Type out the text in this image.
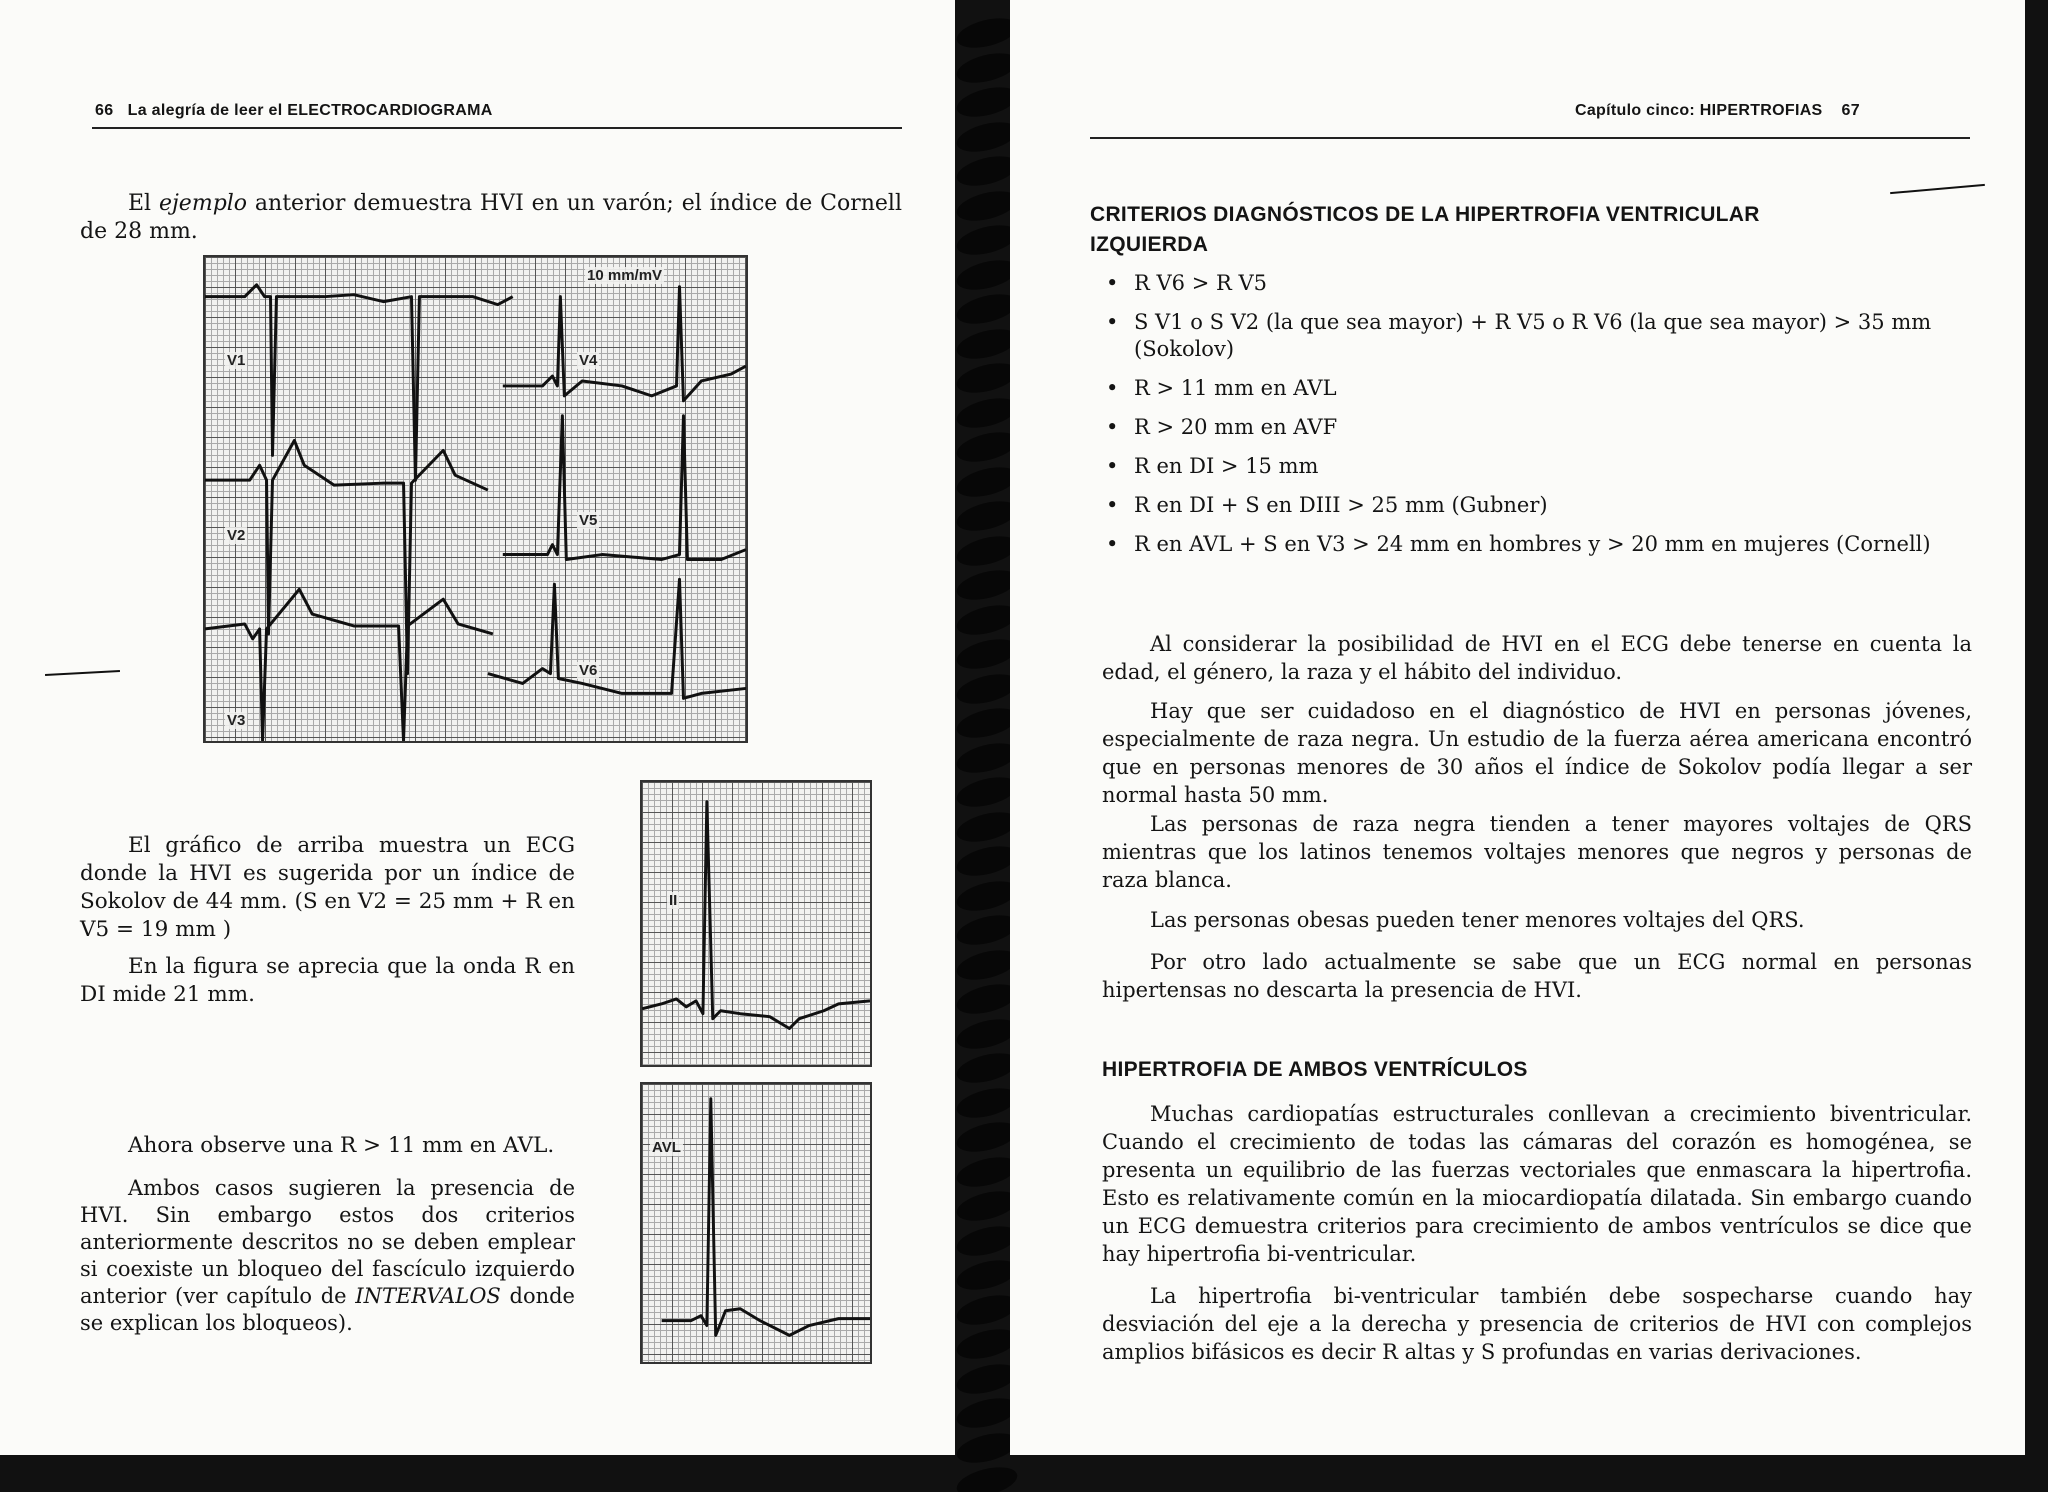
66 La alegría de leer el ELECTROCARDIOGRAMA
El ejemplo anterior demuestra HVI en un varón; el índice de Cornell de 28 mm.
10 mm/mV
V1	V4
V2
V5
V3
V6
II
AVL
El gráfico de arriba muestra un ECG donde la HVI es sugerida por un índice de Sokolov de 44 mm. (S en V2 = 25 mm + R en V5 = 19 mm )
En la figura se aprecia que la onda R en DI mide 21 mm.
Ahora observe una R > 11 mm en AVL.
Ambos casos sugieren la presencia de HVI. Sin embargo estos dos criterios anteriormente descritos no se deben emplear si coexiste un bloqueo del fascículo izquierdo anterior (ver capítulo de INTERVALOS donde se explican los bloqueos).
Capítulo cinco: HIPERTROFIAS 67
CRITERIOS DIAGNÓSTICOS DE LA HIPERTROFIA VENTRICULAR
IZQUIERDA
• R V6 > R V5
• S V1 o S V2 (la que sea mayor) + R V5 o R V6 (la que sea mayor) > 35 mm (Sokolov)
• R > 11 mm en AVL
• R > 20 mm en AVF
• R en DI > 15 mm
• R en DI + S en DIII > 25 mm (Gubner)
• R en AVL + S en V3 > 24 mm en hombres y > 20 mm en mujeres (Cornell)
Al considerar la posibilidad de HVI en el ECG debe tenerse en cuenta la edad, el género, la raza y el hábito del individuo.
Hay que ser cuidadoso en el diagnóstico de HVI en personas jóvenes, especialmente de raza negra. Un estudio de la fuerza aérea americana encontró que en personas menores de 30 años el índice de Sokolov podía llegar a ser normal hasta 50 mm.
Las personas de raza negra tienden a tener mayores voltajes de QRS mientras que los latinos tenemos voltajes menores que negros y personas de raza blanca.
Las personas obesas pueden tener menores voltajes del QRS.
Por otro lado actualmente se sabe que un ECG normal en personas hipertensas no descarta la presencia de HVI.
HIPERTROFIA DE AMBOS VENTRÍCULOS
Muchas cardiopatías estructurales conllevan a crecimiento biventricular. Cuando el crecimiento de todas las cámaras del corazón es homogénea, se presenta un equilibrio de las fuerzas vectoriales que enmascara la hipertrofia. Esto es relativamente común en la miocardiopatía dilatada. Sin embargo cuando un ECG demuestra criterios para crecimiento de ambos ventrículos se dice que hay hipertrofia bi-ventricular.
La hipertrofia bi-ventricular también debe sospecharse cuando hay desviación del eje a la derecha y presencia de criterios de HVI con complejos amplios bifásicos es decir R altas y S profundas en varias derivaciones.
